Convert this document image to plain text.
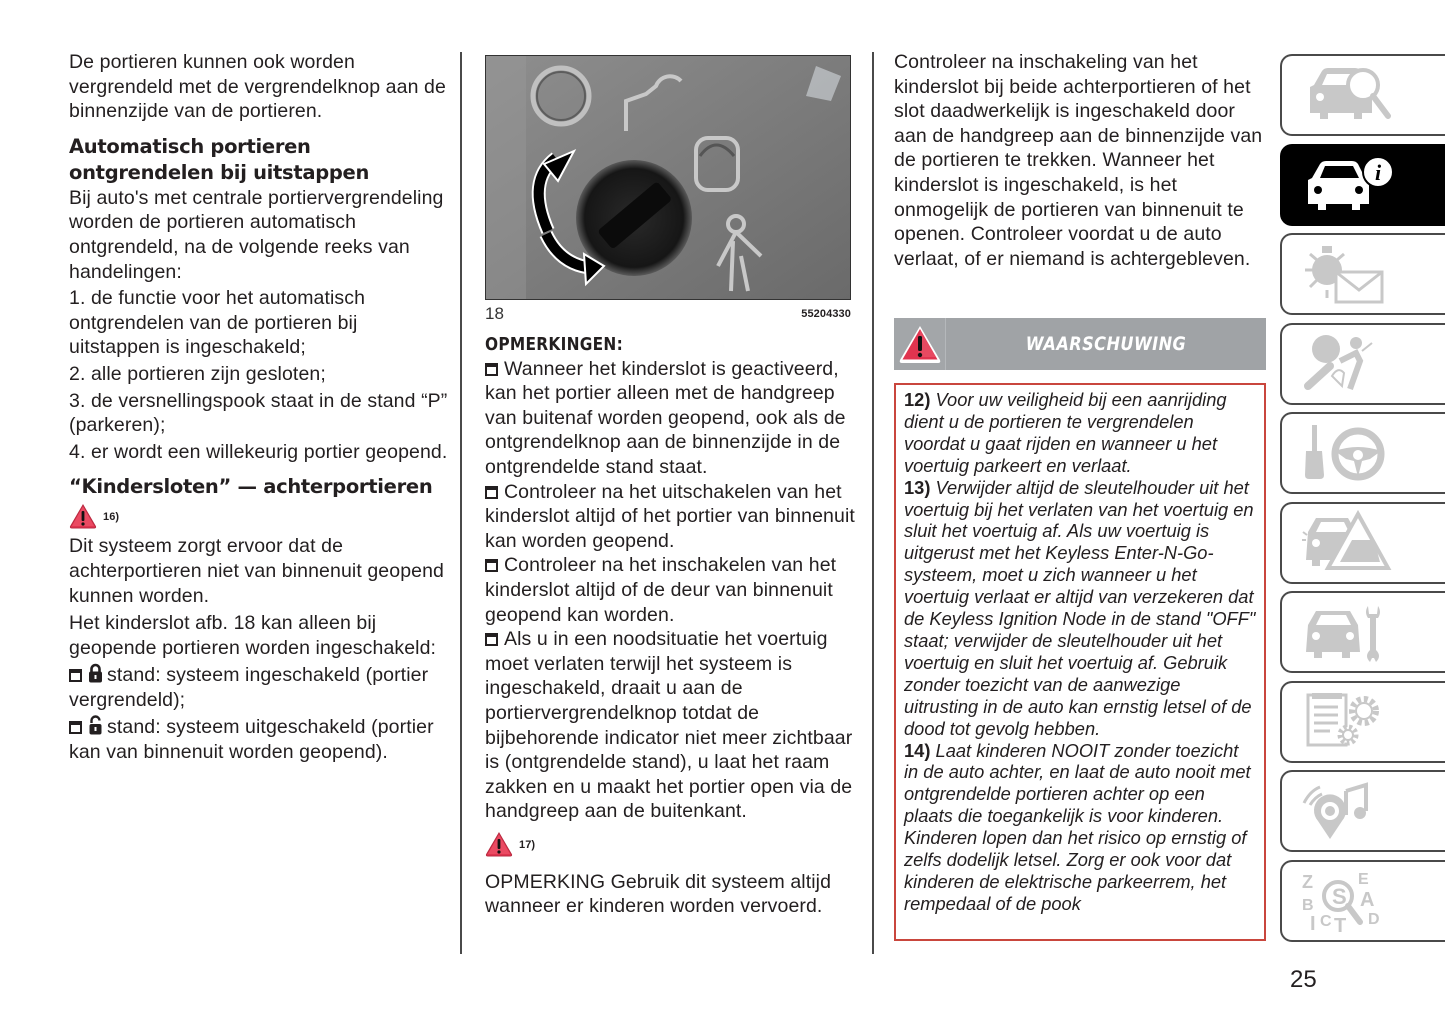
De portieren kunnen ook worden vergrendeld met de vergrendelknop aan de binnenzijde van de portieren.

Automatisch portieren ontgrendelen bij uitstappen

Bij auto's met centrale portiervergrendeling worden de portieren automatisch ontgrendeld, na de volgende reeks van handelingen:

1. de functie voor het automatisch ontgrendelen van de portieren bij uitstappen is ingeschakeld;

2. alle portieren zijn gesloten;

3. de versnellingspook staat in de stand “P” (parkeren);

4. er wordt een willekeurig portier geopend.

“Kindersloten” — achterportieren
16)

Dit systeem zorgt ervoor dat de achterportieren niet van binnenuit geopend kunnen worden.

Het kinderslot afb. 18 kan alleen bij geopende portieren worden ingeschakeld:

stand: systeem ingeschakeld (portier vergrendeld);

stand: systeem uitgeschakeld (portier kan van binnenuit worden geopend).

18	55204330
OPMERKINGEN:

Wanneer het kinderslot is geactiveerd, kan het portier alleen met de handgreep van buitenaf worden geopend, ook als de ontgrendelknop aan de binnenzijde in de ontgrendelde stand staat.

Controleer na het uitschakelen van het kinderslot altijd of het portier van binnenuit kan worden geopend.

Controleer na het inschakelen van het kinderslot altijd of de deur van binnenuit geopend kan worden.

Als u in een noodsituatie het voertuig moet verlaten terwijl het systeem is ingeschakeld, draait u aan de portiervergrendelknop totdat de bijbehorende indicator niet meer zichtbaar is (ontgrendelde stand), u laat het raam zakken en u maakt het portier open via de handgreep aan de buitenkant.

17)

OPMERKING Gebruik dit systeem altijd wanneer er kinderen worden vervoerd.

Controleer na inschakeling van het kinderslot bij beide achterportieren of het slot daadwerkelijk is ingeschakeld door aan de handgreep aan de binnenzijde van de portieren te trekken. Wanneer het kinderslot is ingeschakeld, is het onmogelijk de portieren van binnenuit te openen. Controleer voordat u de auto verlaat, of er niemand is achtergebleven.

WAARSCHUWING

12) Voor uw veiligheid bij een aanrijding dient u de portieren te vergrendelen voordat u gaat rijden en wanneer u het voertuig parkeert en verlaat.

13) Verwijder altijd de sleutelhouder uit het voertuig bij het verlaten van het voertuig en sluit het voertuig af. Als uw voertuig is uitgerust met het Keyless Enter-N-Go-systeem, moet u zich wanneer u het voertuig verlaat er altijd van verzekeren dat de Keyless Ignition Node in de stand "OFF" staat; verwijder de sleutelhouder uit het voertuig en sluit het voertuig af. Gebruik zonder toezicht van de aanwezige uitrusting in de auto kan ernstig letsel of de dood tot gevolg hebben.

14) Laat kinderen NOOIT zonder toezicht in de auto achter, en laat de auto nooit met ontgrendelde portieren achter op een plaats die toegankelijk is voor kinderen. Kinderen lopen dan het risico op ernstig of zelfs dodelijk letsel. Zorg er ook voor dat kinderen de elektrische parkeerrem, het rempedaal of de pook

i
Z
B
I C T
E
A
D
S
25
